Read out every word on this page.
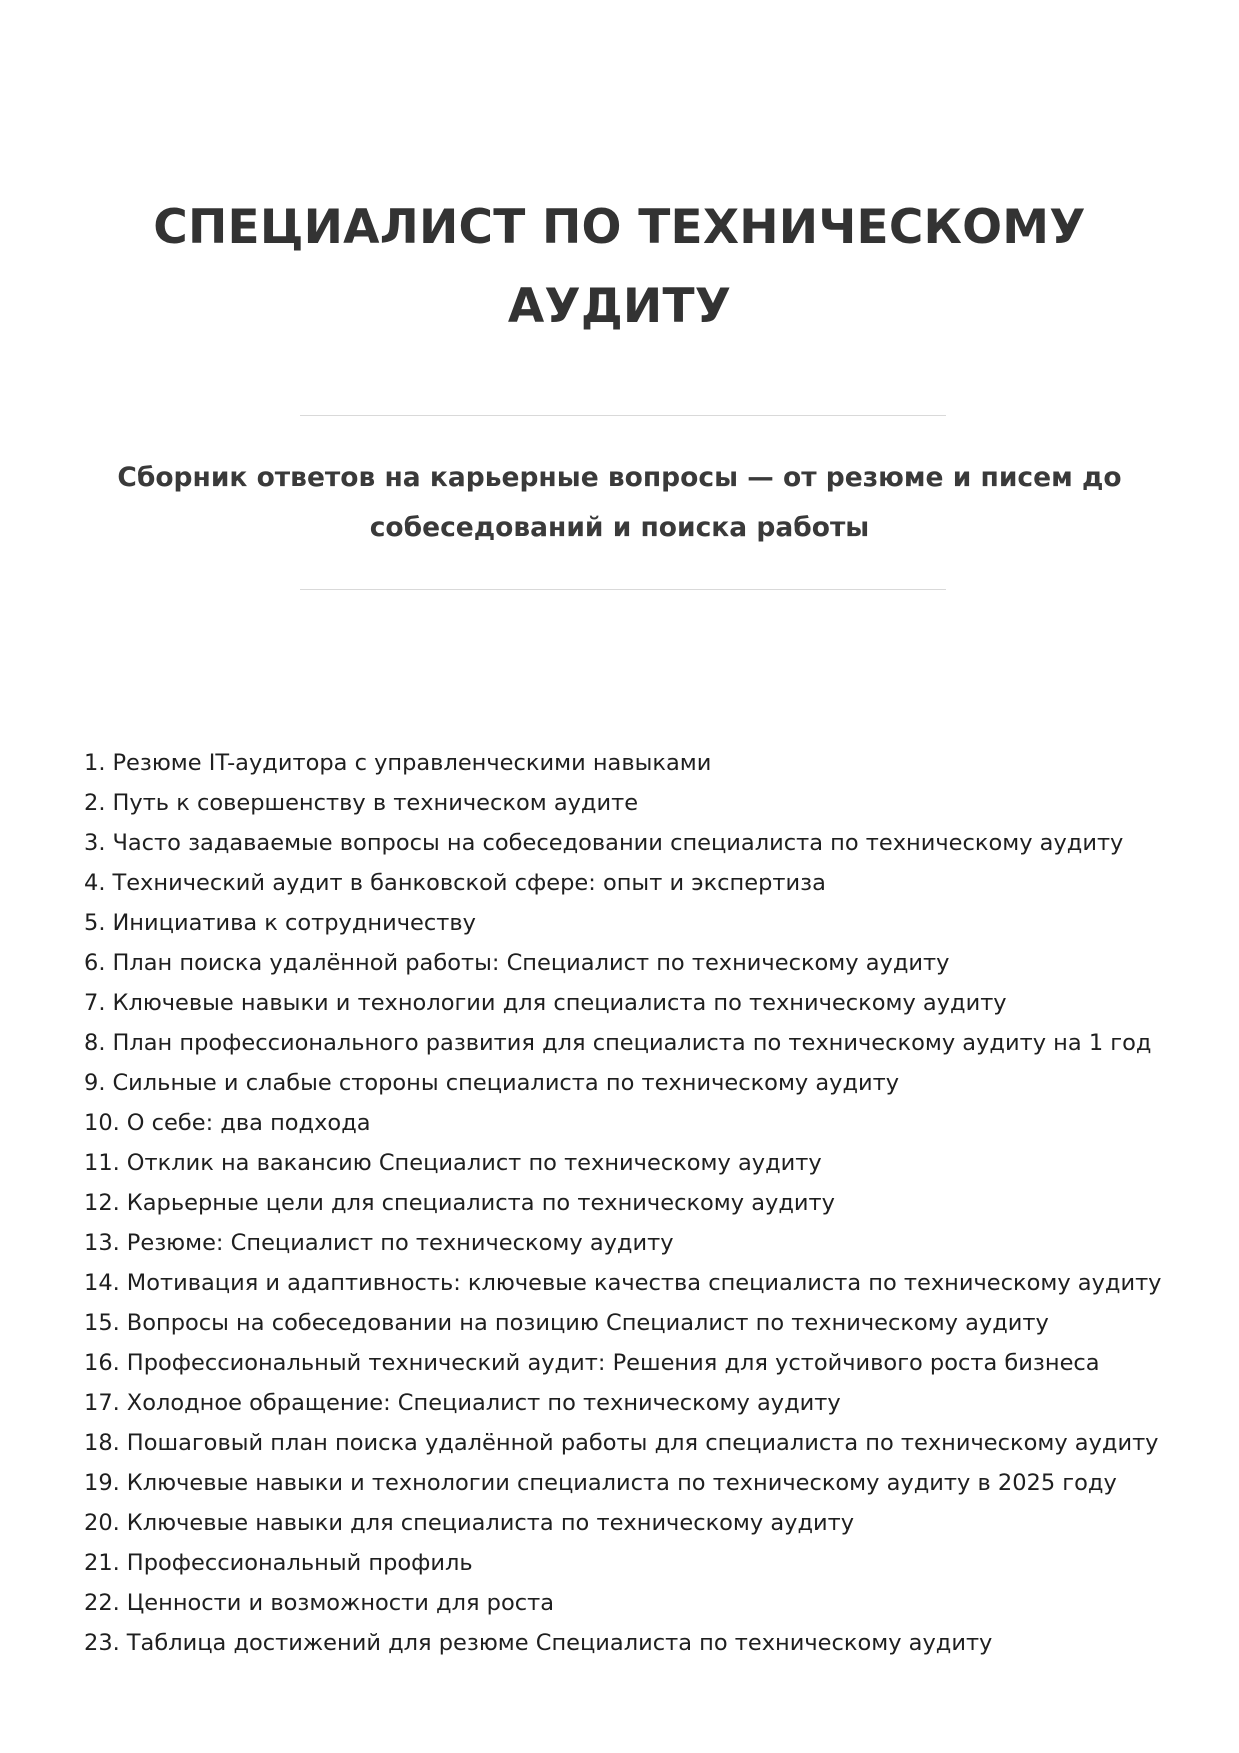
СПЕЦИАЛИСТ ПО ТЕХНИЧЕСКОМУ АУДИТУ

Сборник ответов на карьерные вопросы — от резюме и писем до собеседований и поиска работы

1. Резюме IT-аудитора с управленческими навыками
2. Путь к совершенству в техническом аудите
3. Часто задаваемые вопросы на собеседовании специалиста по техническому аудиту
4. Технический аудит в банковской сфере: опыт и экспертиза
5. Инициатива к сотрудничеству
6. План поиска удалённой работы: Специалист по техническому аудиту
7. Ключевые навыки и технологии для специалиста по техническому аудиту
8. План профессионального развития для специалиста по техническому аудиту на 1 год
9. Сильные и слабые стороны специалиста по техническому аудиту
10. О себе: два подхода
11. Отклик на вакансию Специалист по техническому аудиту
12. Карьерные цели для специалиста по техническому аудиту
13. Резюме: Специалист по техническому аудиту
14. Мотивация и адаптивность: ключевые качества специалиста по техническому аудиту
15. Вопросы на собеседовании на позицию Специалист по техническому аудиту
16. Профессиональный технический аудит: Решения для устойчивого роста бизнеса
17. Холодное обращение: Специалист по техническому аудиту
18. Пошаговый план поиска удалённой работы для специалиста по техническому аудиту
19. Ключевые навыки и технологии специалиста по техническому аудиту в 2025 году
20. Ключевые навыки для специалиста по техническому аудиту
21. Профессиональный профиль
22. Ценности и возможности для роста
23. Таблица достижений для резюме Специалиста по техническому аудиту
